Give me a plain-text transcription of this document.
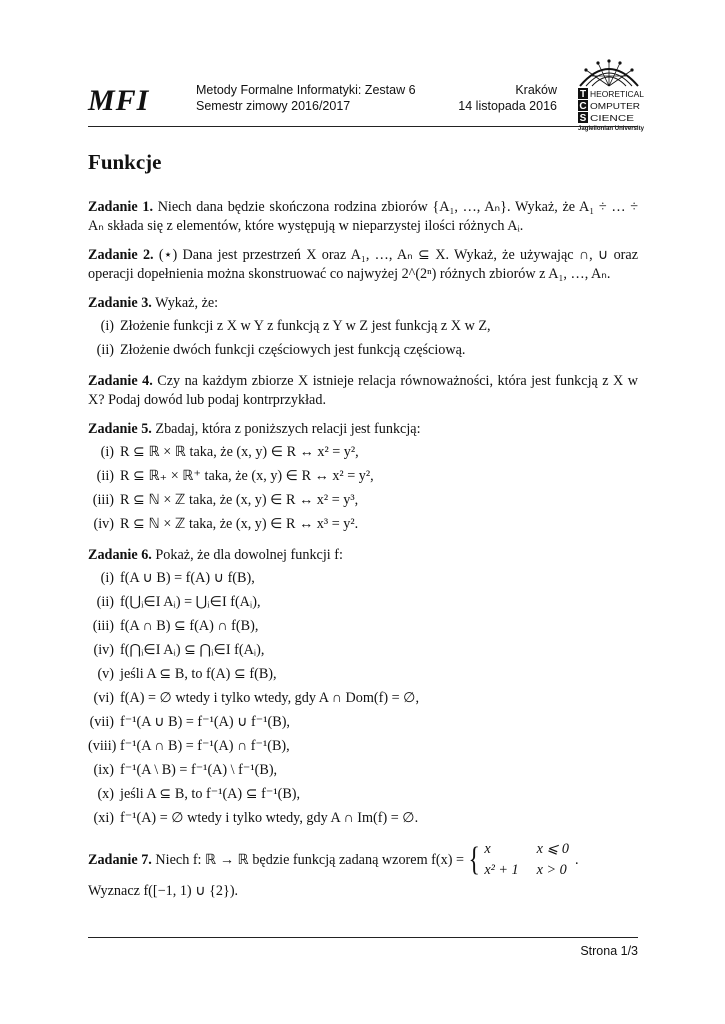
MFI	Metody Formalne Informatyki: Zestaw 6
Semestr zimowy 2016/2017
Kraków
14 listopada 2016
T
C
S
HEORETICAL
OMPUTER
CIENCE
Jagiellonian University
Funkcje

Zadanie 1. Niech dana będzie skończona rodzina zbiorów {A₁, …, Aₙ}. Wykaż, że A₁ ÷ … ÷ Aₙ składa się z elementów, które występują w nieparzystej ilości różnych Aᵢ.

Zadanie 2. (⋆) Dana jest przestrzeń X oraz A₁, …, Aₙ ⊆ X. Wykaż, że używając ∩, ∪ oraz operacji dopełnienia można skonstruować co najwyżej 2^(2ⁿ) różnych zbiorów z A₁, …, Aₙ.

Zadanie 3. Wykaż, że:

(i) Złożenie funkcji z X w Y z funkcją z Y w Z jest funkcją z X w Z,
(ii) Złożenie dwóch funkcji częściowych jest funkcją częściową.

Zadanie 4. Czy na każdym zbiorze X istnieje relacja równoważności, która jest funkcją z X w X? Podaj dowód lub podaj kontrprzykład.

Zadanie 5. Zbadaj, która z poniższych relacji jest funkcją:

(i) R ⊆ ℝ × ℝ taka, że (x, y) ∈ R ↔ x² = y²,
(ii) R ⊆ ℝ₊ × ℝ⁺ taka, że (x, y) ∈ R ↔ x² = y²,
(iii) R ⊆ ℕ × ℤ taka, że (x, y) ∈ R ↔ x² = y³,
(iv) R ⊆ ℕ × ℤ taka, że (x, y) ∈ R ↔ x³ = y².

Zadanie 6. Pokaż, że dla dowolnej funkcji f:

(i) f(A ∪ B) = f(A) ∪ f(B),
(ii) f(⋃ᵢ∈I Aᵢ) = ⋃ᵢ∈I f(Aᵢ),
(iii) f(A ∩ B) ⊆ f(A) ∩ f(B),
(iv) f(⋂ᵢ∈I Aᵢ) ⊆ ⋂ᵢ∈I f(Aᵢ),
(v) jeśli A ⊆ B, to f(A) ⊆ f(B),
(vi) f(A) = ∅ wtedy i tylko wtedy, gdy A ∩ Dom(f) = ∅,
(vii) f⁻¹(A ∪ B) = f⁻¹(A) ∪ f⁻¹(B),
(viii) f⁻¹(A ∩ B) = f⁻¹(A) ∩ f⁻¹(B),
(ix) f⁻¹(A \ B) = f⁻¹(A) \ f⁻¹(B),
(x) jeśli A ⊆ B, to f⁻¹(A) ⊆ f⁻¹(B),
(xi) f⁻¹(A) = ∅ wtedy i tylko wtedy, gdy A ∩ Im(f) = ∅.
Zadanie 7. Niech f: ℝ → ℝ będzie funkcją zadaną wzorem f(x) = { x	x ⩽ 0
x² + 1 x > 0
.

Wyznacz f([−1, 1) ∪ {2}).

Strona 1/3
